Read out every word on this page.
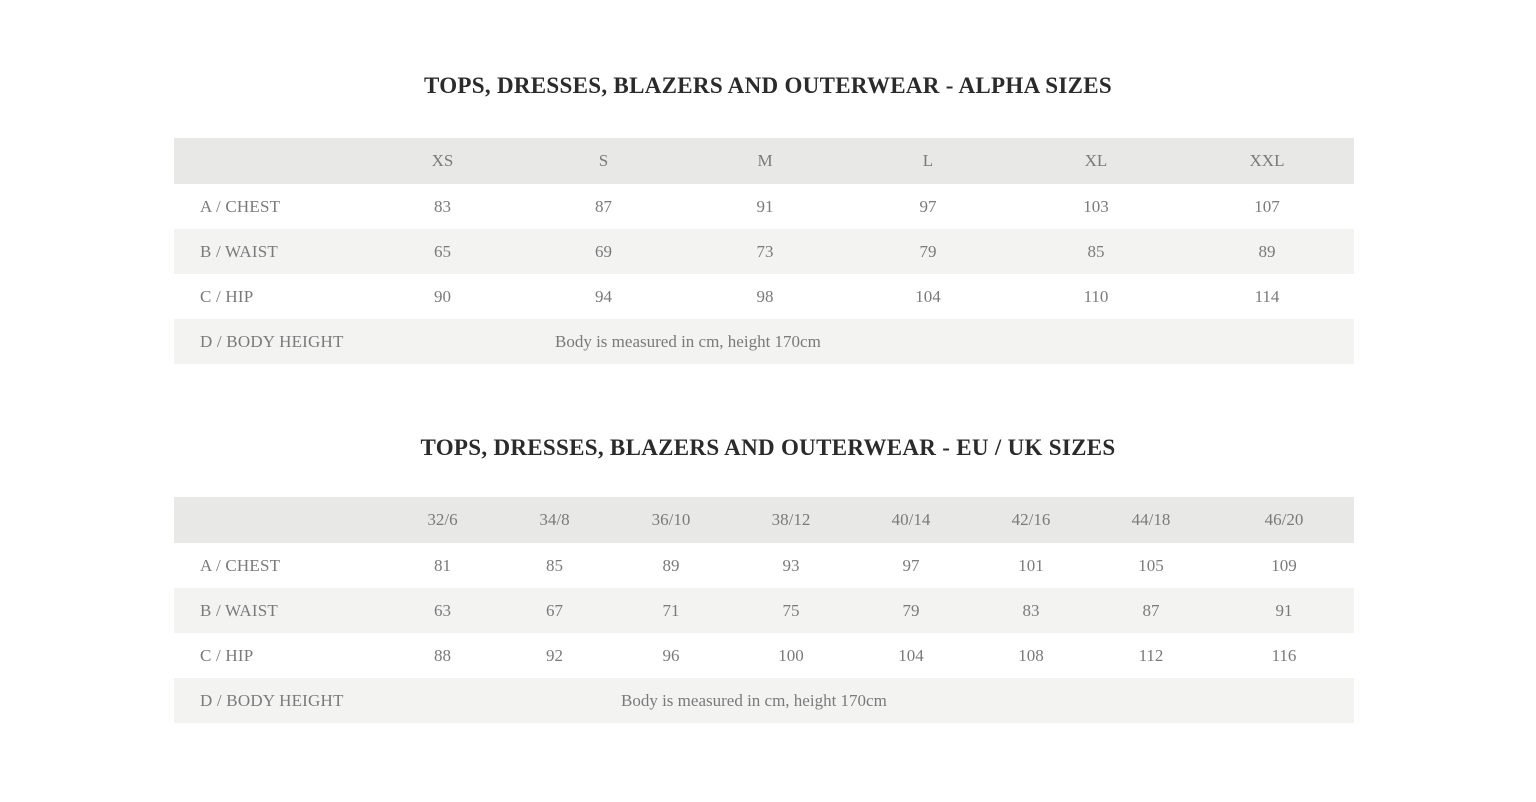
TOPS, DRESSES, BLAZERS AND OUTERWEAR - ALPHA SIZES
	XS	S	M	L	XL	XXL
A / CHEST	83	87	91	97	103	107
B / WAIST	65	69	73	79	85	89
C / HIP	90	94	98	104	110	114
D / BODY HEIGHT	Body is measured in cm, height 170cm					
TOPS, DRESSES, BLAZERS AND OUTERWEAR - EU / UK SIZES
	32/6	34/8	36/10	38/12	40/14	42/16	44/18	46/20
A / CHEST	81	85	89	93	97	101	105	109
B / WAIST	63	67	71	75	79	83	87	91
C / HIP	88	92	96	100	104	108	112	116
D / BODY HEIGHT	Body is measured in cm, height 170cm							
